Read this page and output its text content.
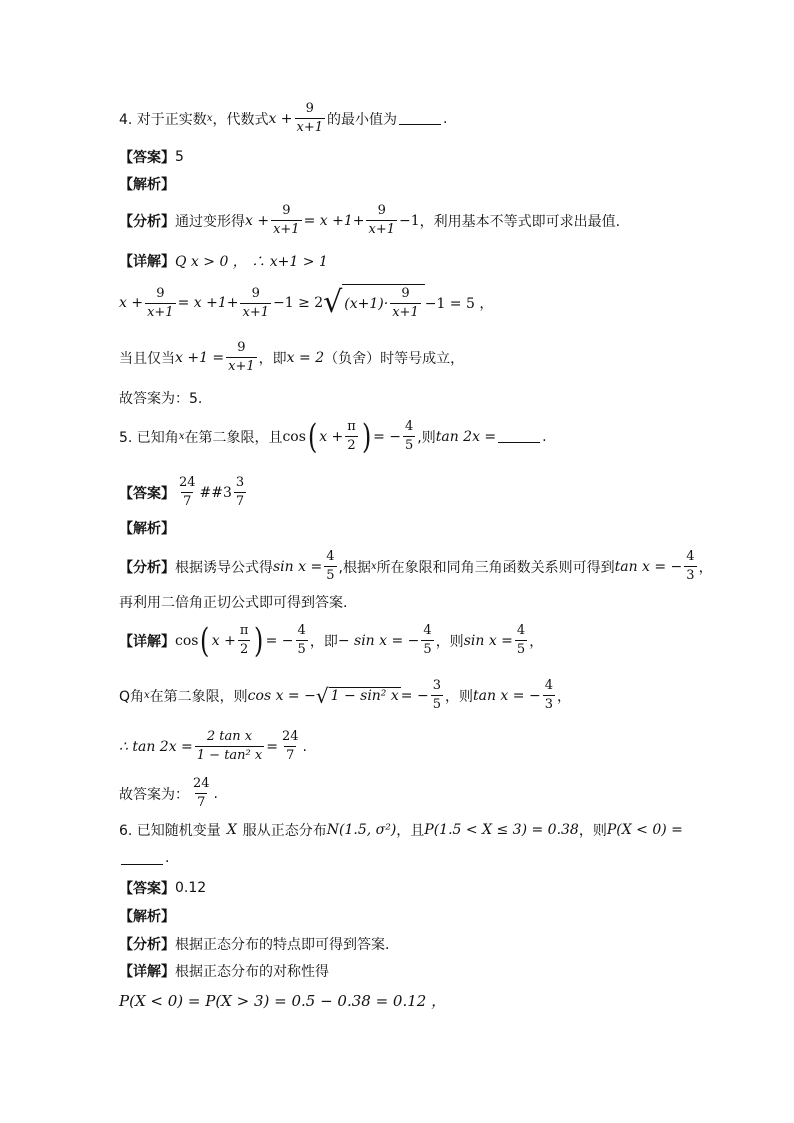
4. 对于正实数 x ，代数式 $x + \frac{9}{x+1}$ 的最小值为	.
【答案】 5
【解析】
【分析】 通过变形得 $x + \frac{9}{x+1} = x +1+ \frac{9}{x+1} -1$ ，利用基本不等式即可求出最值.
【详解】 Q x > 0 ， ∴ x+1 > 1
$x + \frac{9}{x+1} = x +1+ \frac{9}{x+1} -1 \ge 2$ √ $(x+1)\cdot \frac{9}{x+1} -1 = 5$ ，
当且仅当 $x +1 = \frac{9}{x+1}$ ，即 x = 2 （负舍）时等号成立，
故答案为：5.
5. 已知角 x 在第二象限，且 cos ( $x + \frac{\pi}{2}$ ) = − $\frac{4}{5}$ ,则 tan 2x =	.
【答案】 $\frac{24}{7}$ ##3 $\frac{3}{7}$
【解析】
【分析】 根据诱导公式得 $\sin x = \frac{4}{5}$ ,根据 x 所在象限和同角三角函数关系则可得到 tan x = − $\frac{4}{3}$ ，
再利用二倍角正切公式即可得到答案.
【详解】 cos ( $x + \frac{\pi}{2}$ ) = − $\frac{4}{5}$ ，即 − sin x = − $\frac{4}{5}$ ，则 $\sin x = \frac{4}{5}$ ，
Q角 x 在第二象限，则 cos x = − √ 1 − sin² x = − $\frac{3}{5}$ ，则 tan x = − $\frac{4}{3}$ ，
∴ $\tan 2x = \frac{\text{2 tan x}}{\text{1 − tan² x}} = \frac{24}{7}$ .
故答案为： $\frac{24}{7}$ .
6. 已知随机变量 X 服从正态分布 N(1.5, σ²) ，且 P(1.5 < X ≤ 3) = 0.38 ，则 P(X < 0) =
.
【答案】 0.12
【解析】
【分析】 根据正态分布的特点即可得到答案.
【详解】 根据正态分布的对称性得
P(X < 0) = P(X > 3) = 0.5 − 0.38 = 0.12 ，
